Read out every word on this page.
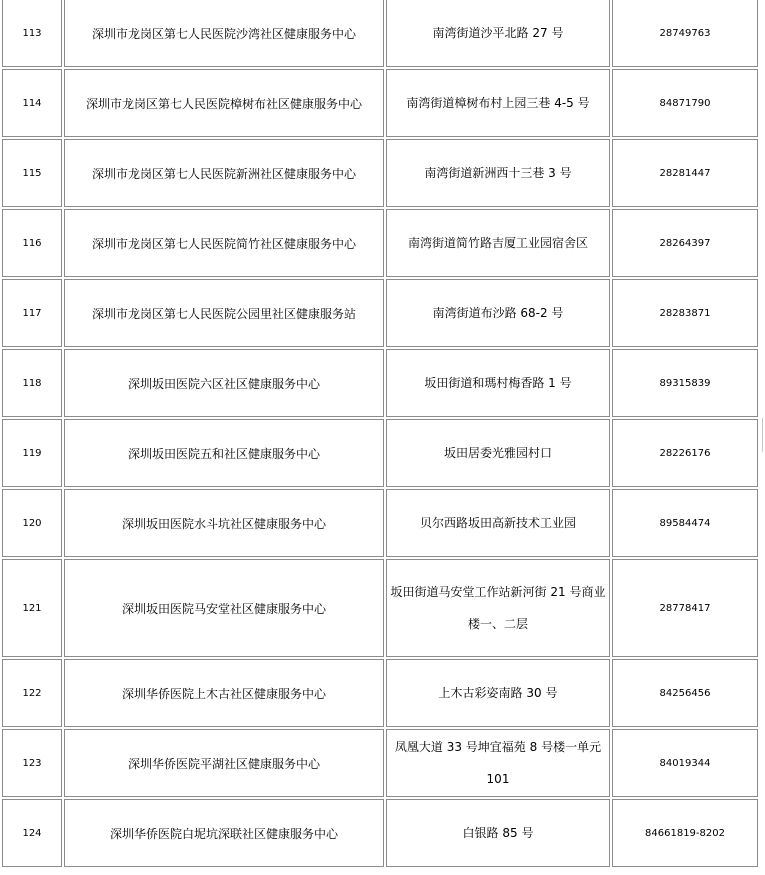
113	深圳市龙岗区第七人民医院沙湾社区健康服务中心	南湾街道沙平北路 27 号	28749763
114	深圳市龙岗区第七人民医院樟树布社区健康服务中心	南湾街道樟树布村上园三巷 4-5 号	84871790
115	深圳市龙岗区第七人民医院新洲社区健康服务中心	南湾街道新洲西十三巷 3 号	28281447
116	深圳市龙岗区第七人民医院简竹社区健康服务中心	南湾街道简竹路吉厦工业园宿舍区	28264397
117	深圳市龙岗区第七人民医院公园里社区健康服务站	南湾街道布沙路 68-2 号	28283871
118	深圳坂田医院六区社区健康服务中心	坂田街道和瑪村梅香路 1 号	89315839
119	深圳坂田医院五和社区健康服务中心	坂田居委光雅园村口	28226176
120	深圳坂田医院水斗坑社区健康服务中心	贝尔西路坂田高新技术工业园	89584474
121	深圳坂田医院马安堂社区健康服务中心	坂田街道马安堂工作站新河街 21 号商业楼一、二层	28778417
122	深圳华侨医院上木古社区健康服务中心	上木古彩姿南路 30 号	84256456
123	深圳华侨医院平湖社区健康服务中心	凤凰大道 33 号坤宜福苑 8 号楼一单元 101	84019344
124	深圳华侨医院白坭坑深联社区健康服务中心	白银路 85 号	84661819-8202
